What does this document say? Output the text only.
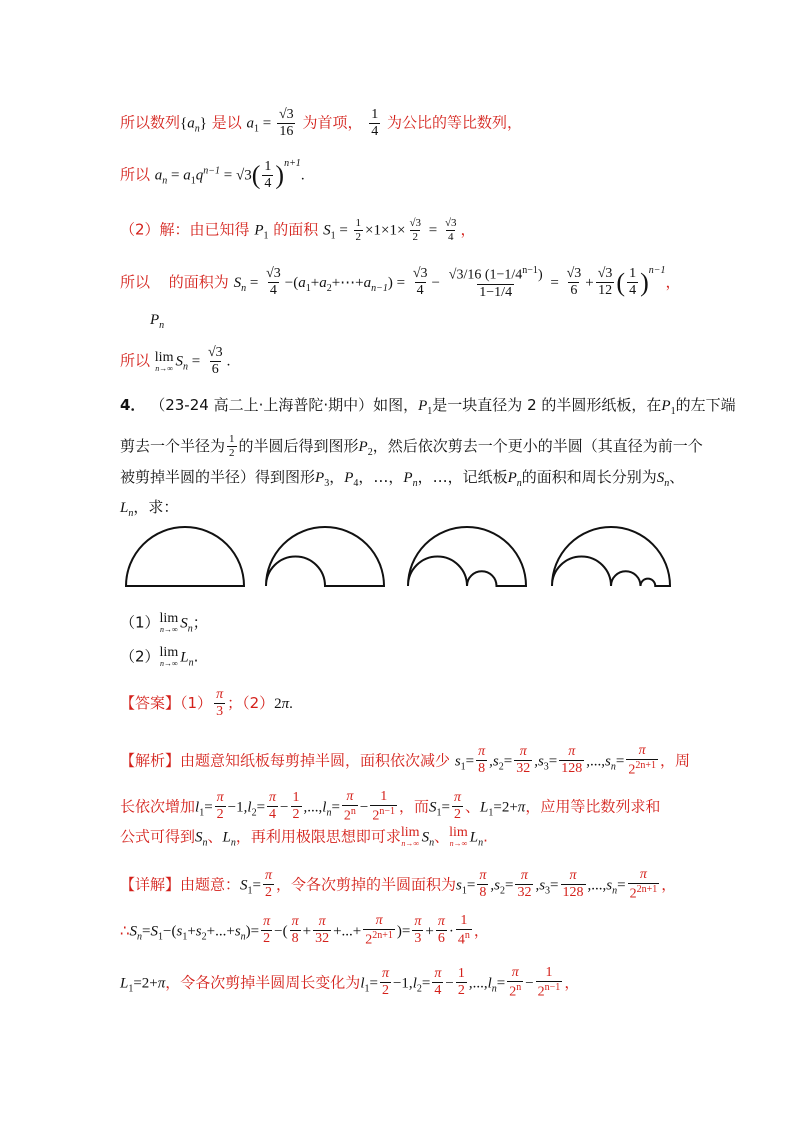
所以数列$\{a_n\}$ 是以 $a_1 = \frac{√3}{16}$ 为首项， $\frac{1}{4}$ 为公比的等比数列，
所以 $a_n = a_1q^{n-1} = √3( \frac{1}{4} )^{n+1}$.
（2）解：由已知得 $P_1$ 的面积 $S_1 = \frac{1}{2} \times 1\times 1\times \frac{√3}{2} = \frac{√3}{4}$ ，
所以 的面积为 $S_n = \frac{√3}{4}$ $-(a_1+a_2+\cdots+a_{n-1}) = \frac{√3}{4} - \frac{√3/16 (1-1/4^{n-1})}{1-1/4} = \frac{√3}{6} + \frac{√3}{12}$ ( $\frac{1}{4} )^{n-1}$，
$P_n$
所以 lim
n→∞ $S_n = \frac{√3}{6}$ .
4． （23-24 高二上·上海普陀·期中）如图，$P_1$是一块直径为 2 的半圆形纸板，在$P_1$的左下端
剪去一个半径为 $\frac{1}{2}$ 的半圆后得到图形$P_2$，然后依次剪去一个更小的半圆（其直径为前一个
被剪掉半圆的半径）得到图形$P_3$，$P_4$，…，$P_n$，…，记纸板$P_n$的面积和周长分别为$S_n$、
$L_n$，求：
（1） lim
n→∞ $S_n$；
（2） lim
n→∞ $L_n$.
【答案】$(1) \frac{\pi}{3}$ ；（2）2π.
【解析】由题意知纸板每剪掉半圆，面积依次减少 $s_1= \frac{\pi}{8} ,s_2= \frac{\pi}{32} ,s_3= \frac{\pi}{128} ,...,s_n= \frac{\pi}{2^{2n+1}}$ ，周
长依次增加$l_1= \frac{\pi}{2} -1,l_2= \frac{\pi}{4} - \frac{1}{2} ,...,l_n= \frac{\pi}{2^n} - \frac{1}{2^{n-1}}$ ，而$S_1= \frac{\pi}{2}$ 、$L_1=2+\pi$，应用等比数列求和
公式可得到$S_n$、$L_n$，再利用极限思想即可求 lim
n→∞ $S_n$、 lim
n→∞ $L_n$.
【详解】由题意：$S_1= \frac{\pi}{2}$ ，令各次剪掉的半圆面积为$s_1= \frac{\pi}{8} ,s_2= \frac{\pi}{32} ,s_3= \frac{\pi}{128} ,...,s_n= \frac{\pi}{2^{2n+1}}$ ，
$\therefore S_n=S_1-(s_1+s_2+...+s_n)= \frac{\pi}{2}$ −( $\frac{\pi}{8} + \frac{\pi}{32}$ +...+ $\frac{\pi}{2^{2n+1}}$ )= $\frac{\pi}{3} + \frac{\pi}{6} \cdot \frac{1}{4^n}$ ，
$L_1=2+\pi$，令各次剪掉半圆周长变化为$l_1= \frac{\pi}{2} -1,l_2= \frac{\pi}{4} - \frac{1}{2} ,...,l_n= \frac{\pi}{2^n} - \frac{1}{2^{n-1}}$ ，
